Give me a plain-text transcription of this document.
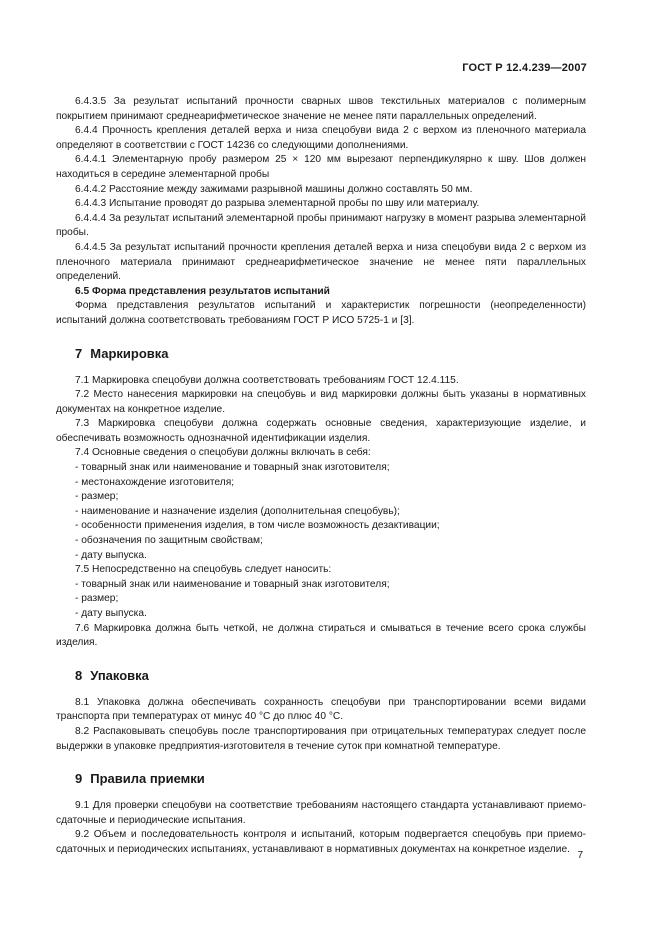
ГОСТ Р 12.4.239—2007

6.4.3.5 За результат испытаний прочности сварных швов текстильных материалов с полимерным покрытием принимают среднеарифметическое значение не менее пяти параллельных определений.

6.4.4 Прочность крепления деталей верха и низа спецобуви вида 2 с верхом из пленочного материала определяют в соответствии с ГОСТ 14236 со следующими дополнениями.

6.4.4.1 Элементарную пробу размером 25 × 120 мм вырезают перпендикулярно к шву. Шов должен находиться в середине элементарной пробы

6.4.4.2 Расстояние между зажимами разрывной машины должно составлять 50 мм.

6.4.4.3 Испытание проводят до разрыва элементарной пробы по шву или материалу.

6.4.4.4 За результат испытаний элементарной пробы принимают нагрузку в момент разрыва элементарной пробы.

6.4.4.5 За результат испытаний прочности крепления деталей верха и низа спецобуви вида 2 с верхом из пленочного материала принимают среднеарифметическое значение не менее пяти параллельных определений.

6.5 Форма представления результатов испытаний

Форма представления результатов испытаний и характеристик погрешности (неопределенности) испытаний должна соответствовать требованиям ГОСТ Р ИСО 5725-1 и [3].

7 Маркировка

7.1 Маркировка спецобуви должна соответствовать требованиям ГОСТ 12.4.115.

7.2 Место нанесения маркировки на спецобувь и вид маркировки должны быть указаны в нормативных документах на конкретное изделие.

7.3 Маркировка спецобуви должна содержать основные сведения, характеризующие изделие, и обеспечивать возможность однозначной идентификации изделия.

7.4 Основные сведения о спецобуви должны включать в себя:

- товарный знак или наименование и товарный знак изготовителя;

- местонахождение изготовителя;

- размер;

- наименование и назначение изделия (дополнительная спецобувь);

- особенности применения изделия, в том числе возможность дезактивации;

- обозначения по защитным свойствам;

- дату выпуска.

7.5 Непосредственно на спецобувь следует наносить:

- товарный знак или наименование и товарный знак изготовителя;

- размер;

- дату выпуска.

7.6 Маркировка должна быть четкой, не должна стираться и смываться в течение всего срока службы изделия.

8 Упаковка

8.1 Упаковка должна обеспечивать сохранность спецобуви при транспортировании всеми видами транспорта при температурах от минус 40 °С до плюс 40 °С.

8.2 Распаковывать спецобувь после транспортирования при отрицательных температурах следует после выдержки в упаковке предприятия-изготовителя в течение суток при комнатной температуре.

9 Правила приемки

9.1 Для проверки спецобуви на соответствие требованиям настоящего стандарта устанавливают приемо-сдаточные и периодические испытания.

9.2 Объем и последовательность контроля и испытаний, которым подвергается спецобувь при приемо-сдаточных и периодических испытаниях, устанавливают в нормативных документах на конкретное изделие.

7
